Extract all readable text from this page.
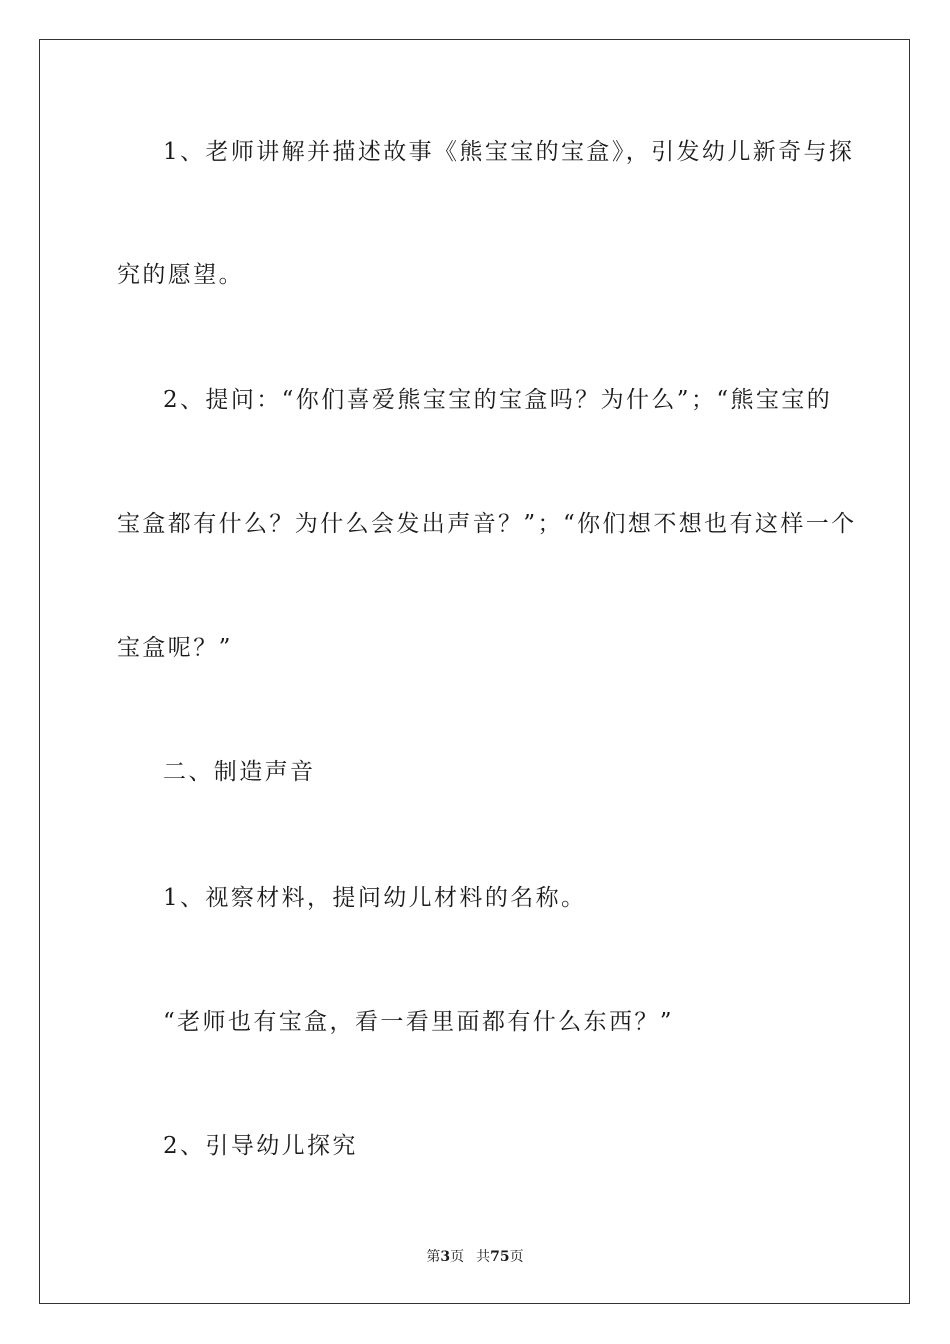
1、老师讲解并描述故事《熊宝宝的宝盒》，引发幼儿新奇与探
究的愿望。
2、提问：“你们喜爱熊宝宝的宝盒吗？为什么”；“熊宝宝的
宝盒都有什么？为什么会发出声音？”；“你们想不想也有这样一个
宝盒呢？”
二、制造声音
1、视察材料，提问幼儿材料的名称。
“老师也有宝盒，看一看里面都有什么东西？”
2、引导幼儿探究
第3页 共75页
